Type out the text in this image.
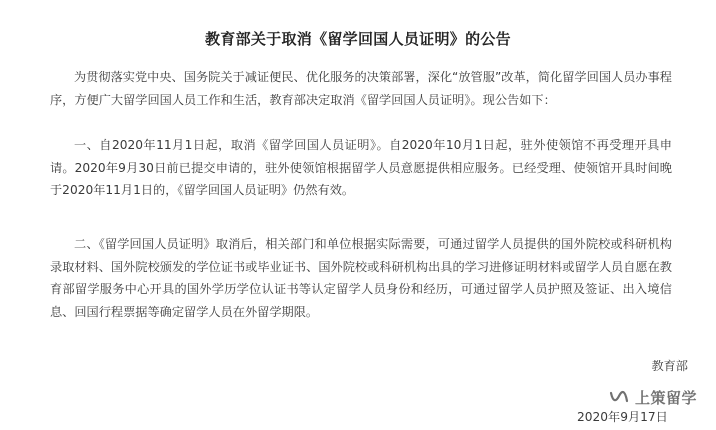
教育部关于取消《留学回国人员证明》的公告

为贯彻落实党中央、国务院关于减证便民、优化服务的决策部署，深化“放管服”改革，简化留学回国人员办事程序，方便广大留学回国人员工作和生活，教育部决定取消《留学回国人员证明》。现公告如下：

一、自2020年11月1日起，取消《留学回国人员证明》。自2020年10月1日起，驻外使领馆不再受理开具申请。2020年9月30日前已提交申请的，驻外使领馆根据留学人员意愿提供相应服务。已经受理、使领馆开具时间晚于2020年11月1日的，《留学回国人员证明》仍然有效。

二、《留学回国人员证明》取消后，相关部门和单位根据实际需要，可通过留学人员提供的国外院校或科研机构录取材料、国外院校颁发的学位证书或毕业证书、国外院校或科研机构出具的学习进修证明材料或留学人员自愿在教育部留学服务中心开具的国外学历学位认证书等认定留学人员身份和经历，可通过留学人员护照及签证、出入境信息、回国行程票据等确定留学人员在外留学期限。

教育部
上策留学
2020年9月17日
